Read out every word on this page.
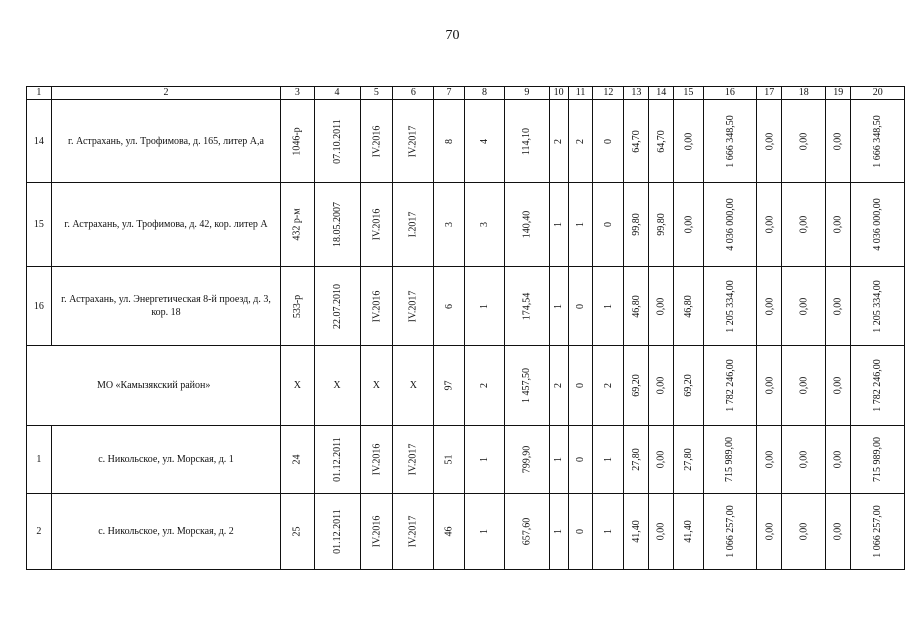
70
1	2	3	4	5	6	7	8	9	10	11	12	13	14	15	16	17	18	19	20
14	г. Астрахань, ул. Трофимова, д. 165, литер А,а	1046-р	07.10.2011	IV.2016	IV.2017	8	4	114,10	2	2	0	64,70	64,70	0,00	1 666 348,50	0,00	0,00	0,00	1 666 348,50
15	г. Астрахань, ул. Трофимова, д. 42, кор. литер А	432 р-м	18.05.2007	IV.2016	I.2017	3	3	140,40	1	1	0	99,80	99,80	0,00	4 036 000,00	0,00	0,00	0,00	4 036 000,00
16	г. Астрахань, ул. Энергетическая 8-й проезд, д. 3, кор. 18	533-р	22.07.2010	IV.2016	IV.2017	6	1	174,54	1	0	1	46,80	0,00	46,80	1 205 334,00	0,00	0,00	0,00	1 205 334,00
МО «Камызякский район»		X	X	X	X	97	2	1 457,50	2	0	2	69,20	0,00	69,20	1 782 246,00	0,00	0,00	0,00	1 782 246,00
1	с. Никольское, ул. Морская, д. 1	24	01.12.2011	IV.2016	IV.2017	51	1	799,90	1	0	1	27,80	0,00	27,80	715 989,00	0,00	0,00	0,00	715 989,00
2	с. Никольское, ул. Морская, д. 2	25	01.12.2011	IV.2016	IV.2017	46	1	657,60	1	0	1	41,40	0,00	41,40	1 066 257,00	0,00	0,00	0,00	1 066 257,00
